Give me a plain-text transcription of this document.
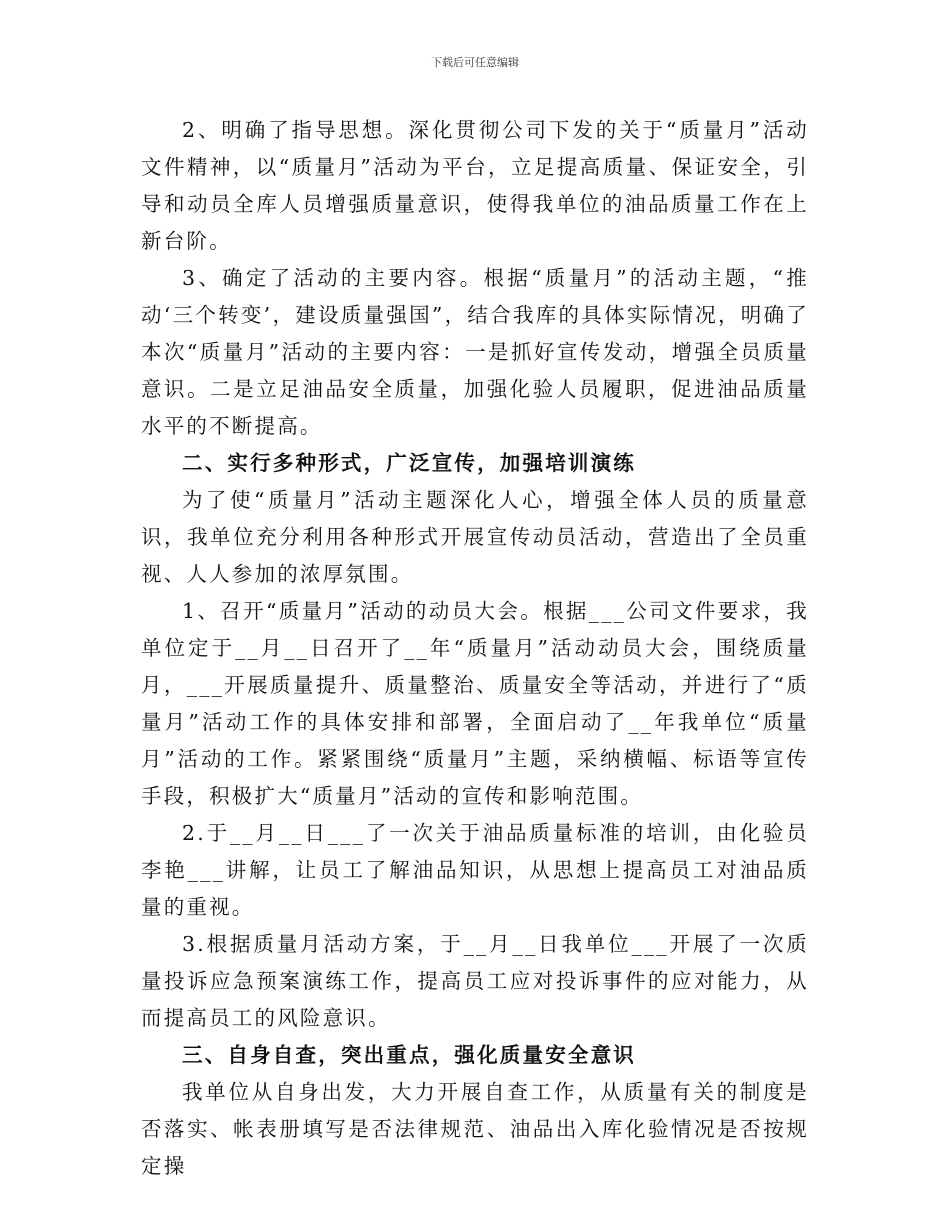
下载后可任意编辑

2、明确了指导思想。深化贯彻公司下发的关于“质量月”活动文件精神，以“质量月”活动为平台，立足提高质量、保证安全，引导和动员全库人员增强质量意识，使得我单位的油品质量工作在上新台阶。

3、确定了活动的主要内容。根据“质量月”的活动主题，“推动‘三个转变’，建设质量强国”，结合我库的具体实际情况，明确了本次“质量月”活动的主要内容：一是抓好宣传发动，增强全员质量意识。二是立足油品安全质量，加强化验人员履职，促进油品质量水平的不断提高。

二、实行多种形式，广泛宣传，加强培训演练

为了使“质量月”活动主题深化人心，增强全体人员的质量意识，我单位充分利用各种形式开展宣传动员活动，营造出了全员重视、人人参加的浓厚氛围。

1、召开“质量月”活动的动员大会。根据___公司文件要求，我单位定于__月__日召开了__年“质量月”活动动员大会，围绕质量月，___开展质量提升、质量整治、质量安全等活动，并进行了“质量月”活动工作的具体安排和部署，全面启动了__年我单位“质量月”活动的工作。紧紧围绕“质量月”主题，采纳横幅、标语等宣传手段，积极扩大“质量月”活动的宣传和影响范围。

2.于__月__日___了一次关于油品质量标准的培训，由化验员李艳___讲解，让员工了解油品知识，从思想上提高员工对油品质量的重视。

3.根据质量月活动方案，于__月__日我单位___开展了一次质量投诉应急预案演练工作，提高员工应对投诉事件的应对能力，从而提高员工的风险意识。

三、自身自查，突出重点，强化质量安全意识

我单位从自身出发，大力开展自查工作，从质量有关的制度是否落实、帐表册填写是否法律规范、油品出入库化验情况是否按规定操
